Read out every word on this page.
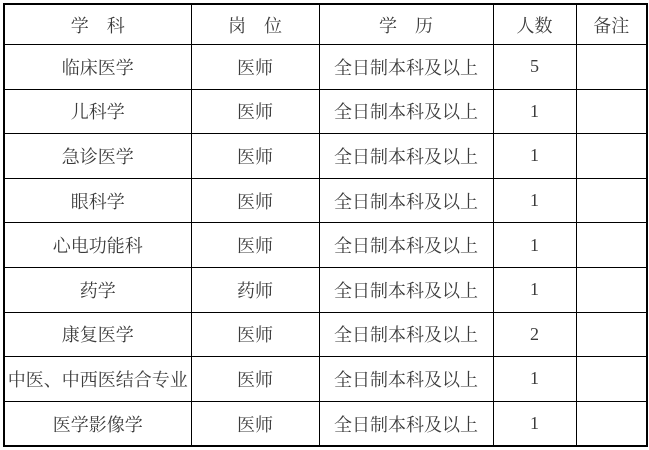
学　科	岗　位	学　历	人数	备注
临床医学	医师	全日制本科及以上	5	
儿科学	医师	全日制本科及以上	1	
急诊医学	医师	全日制本科及以上	1	
眼科学	医师	全日制本科及以上	1	
心电功能科	医师	全日制本科及以上	1	
药学	药师	全日制本科及以上	1	
康复医学	医师	全日制本科及以上	2	
中医、中西医结合专业	医师	全日制本科及以上	1	
医学影像学	医师	全日制本科及以上	1	
